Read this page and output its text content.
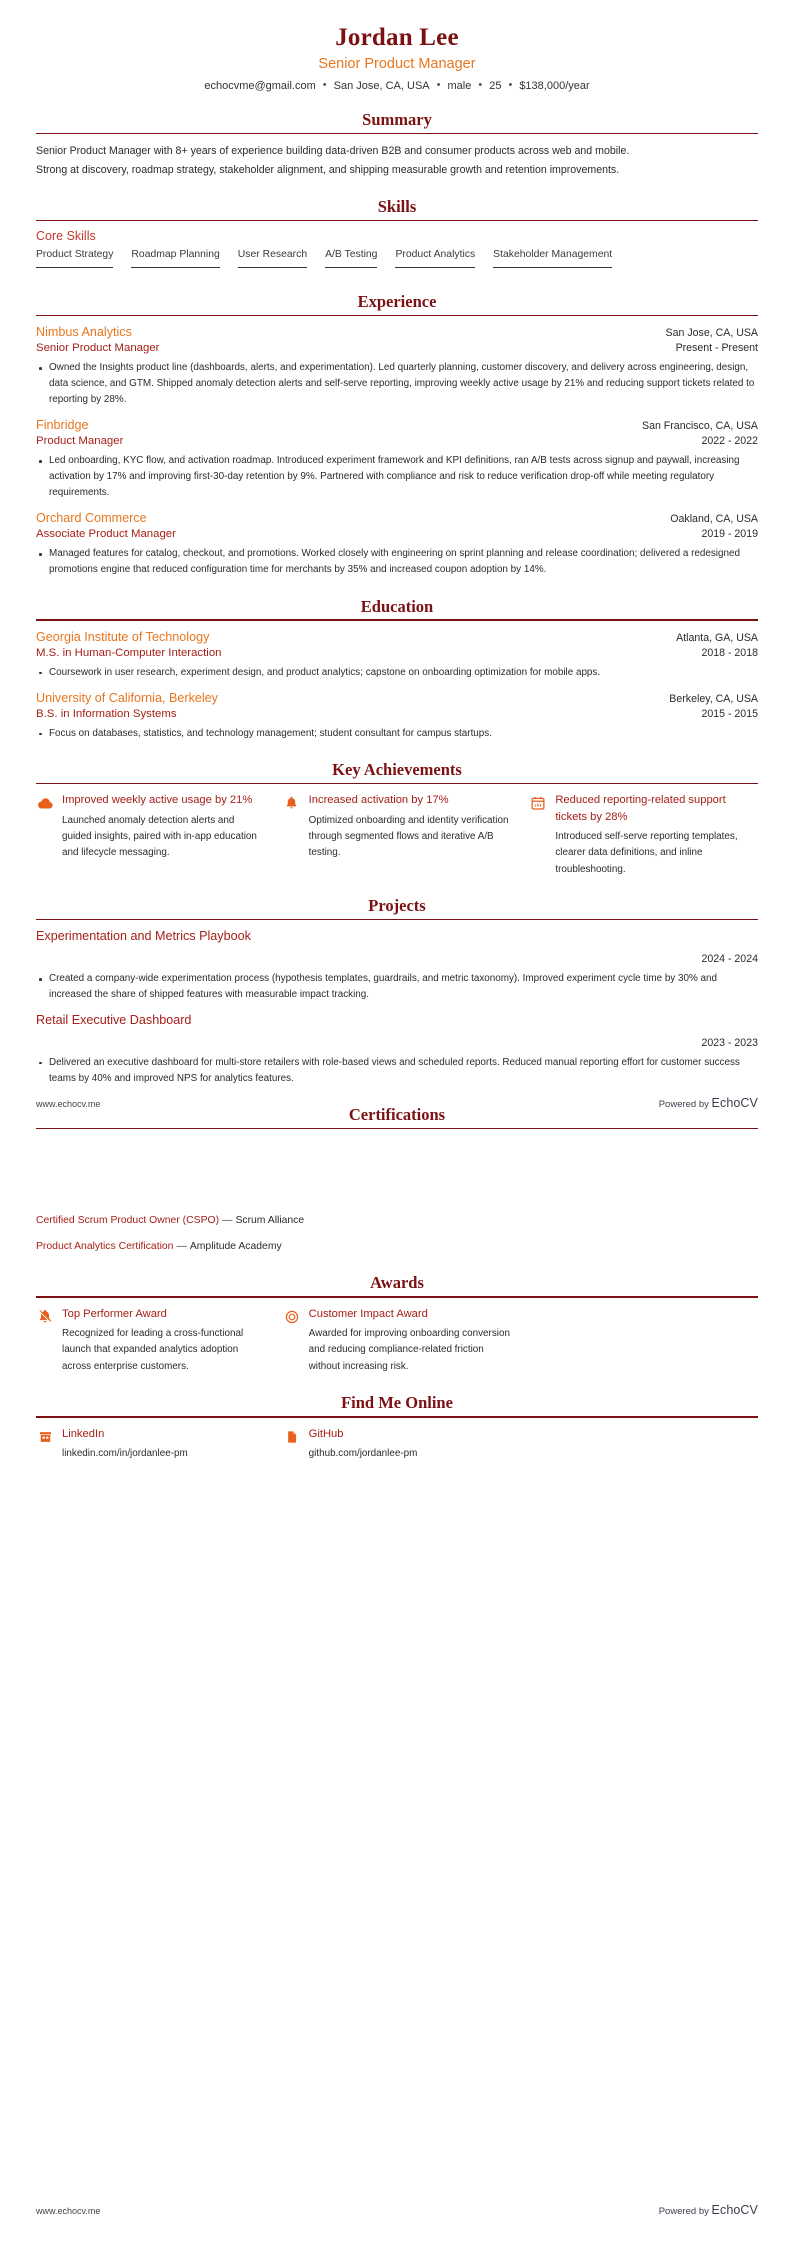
Jordan Lee
Senior Product Manager
echocvme@gmail.com • San Jose, CA, USA • male • 25 • $138,000/year
Summary
Senior Product Manager with 8+ years of experience building data-driven B2B and consumer products across web and mobile.
Strong at discovery, roadmap strategy, stakeholder alignment, and shipping measurable growth and retention improvements.
Skills
Core Skills
Product Strategy Roadmap Planning User Research A/B Testing Product Analytics Stakeholder Management
Experience
Nimbus Analytics	San Jose, CA, USA
Senior Product Manager	Present - Present
Owned the Insights product line (dashboards, alerts, and experimentation). Led quarterly planning, customer discovery, and delivery across engineering, design, data science, and GTM. Shipped anomaly detection alerts and self-serve reporting, improving weekly active usage by 21% and reducing support tickets related to reporting by 28%.
Finbridge	San Francisco, CA, USA
Product Manager	2022 - 2022
Led onboarding, KYC flow, and activation roadmap. Introduced experiment framework and KPI definitions, ran A/B tests across signup and paywall, increasing activation by 17% and improving first-30-day retention by 9%. Partnered with compliance and risk to reduce verification drop-off while meeting regulatory requirements.
Orchard Commerce	Oakland, CA, USA
Associate Product Manager	2019 - 2019
Managed features for catalog, checkout, and promotions. Worked closely with engineering on sprint planning and release coordination; delivered a redesigned promotions engine that reduced configuration time for merchants by 35% and increased coupon adoption by 14%.
Education
Georgia Institute of Technology	Atlanta, GA, USA
M.S. in Human-Computer Interaction	2018 - 2018
Coursework in user research, experiment design, and product analytics; capstone on onboarding optimization for mobile apps.
University of California, Berkeley	Berkeley, CA, USA
B.S. in Information Systems	2015 - 2015
Focus on databases, statistics, and technology management; student consultant for campus startups.
Key Achievements
Improved weekly active usage by 21%
Launched anomaly detection alerts and guided insights, paired with in-app education and lifecycle messaging.
Increased activation by 17%
Optimized onboarding and identity verification through segmented flows and iterative A/B testing.
Reduced reporting-related support tickets by 28%
Introduced self-serve reporting templates, clearer data definitions, and inline troubleshooting.
Projects
Experimentation and Metrics Playbook
2024 - 2024
Created a company-wide experimentation process (hypothesis templates, guardrails, and metric taxonomy). Improved experiment cycle time by 30% and increased the share of shipped features with measurable impact tracking.
Retail Executive Dashboard
2023 - 2023
Delivered an executive dashboard for multi-store retailers with role-based views and scheduled reports. Reduced manual reporting effort for customer success teams by 40% and improved NPS for analytics features.
Certifications
Certified Scrum Product Owner (CSPO) — Scrum Alliance
Product Analytics Certification — Amplitude Academy
Awards
Top Performer Award
Recognized for leading a cross-functional launch that expanded analytics adoption across enterprise customers.
Customer Impact Award
Awarded for improving onboarding conversion and reducing compliance-related friction without increasing risk.
Find Me Online
LinkedIn
linkedin.com/in/jordanlee-pm
GitHub
github.com/jordanlee-pm
www.echocv.me	Powered by EchoCV
www.echocv.me	Powered by EchoCV
